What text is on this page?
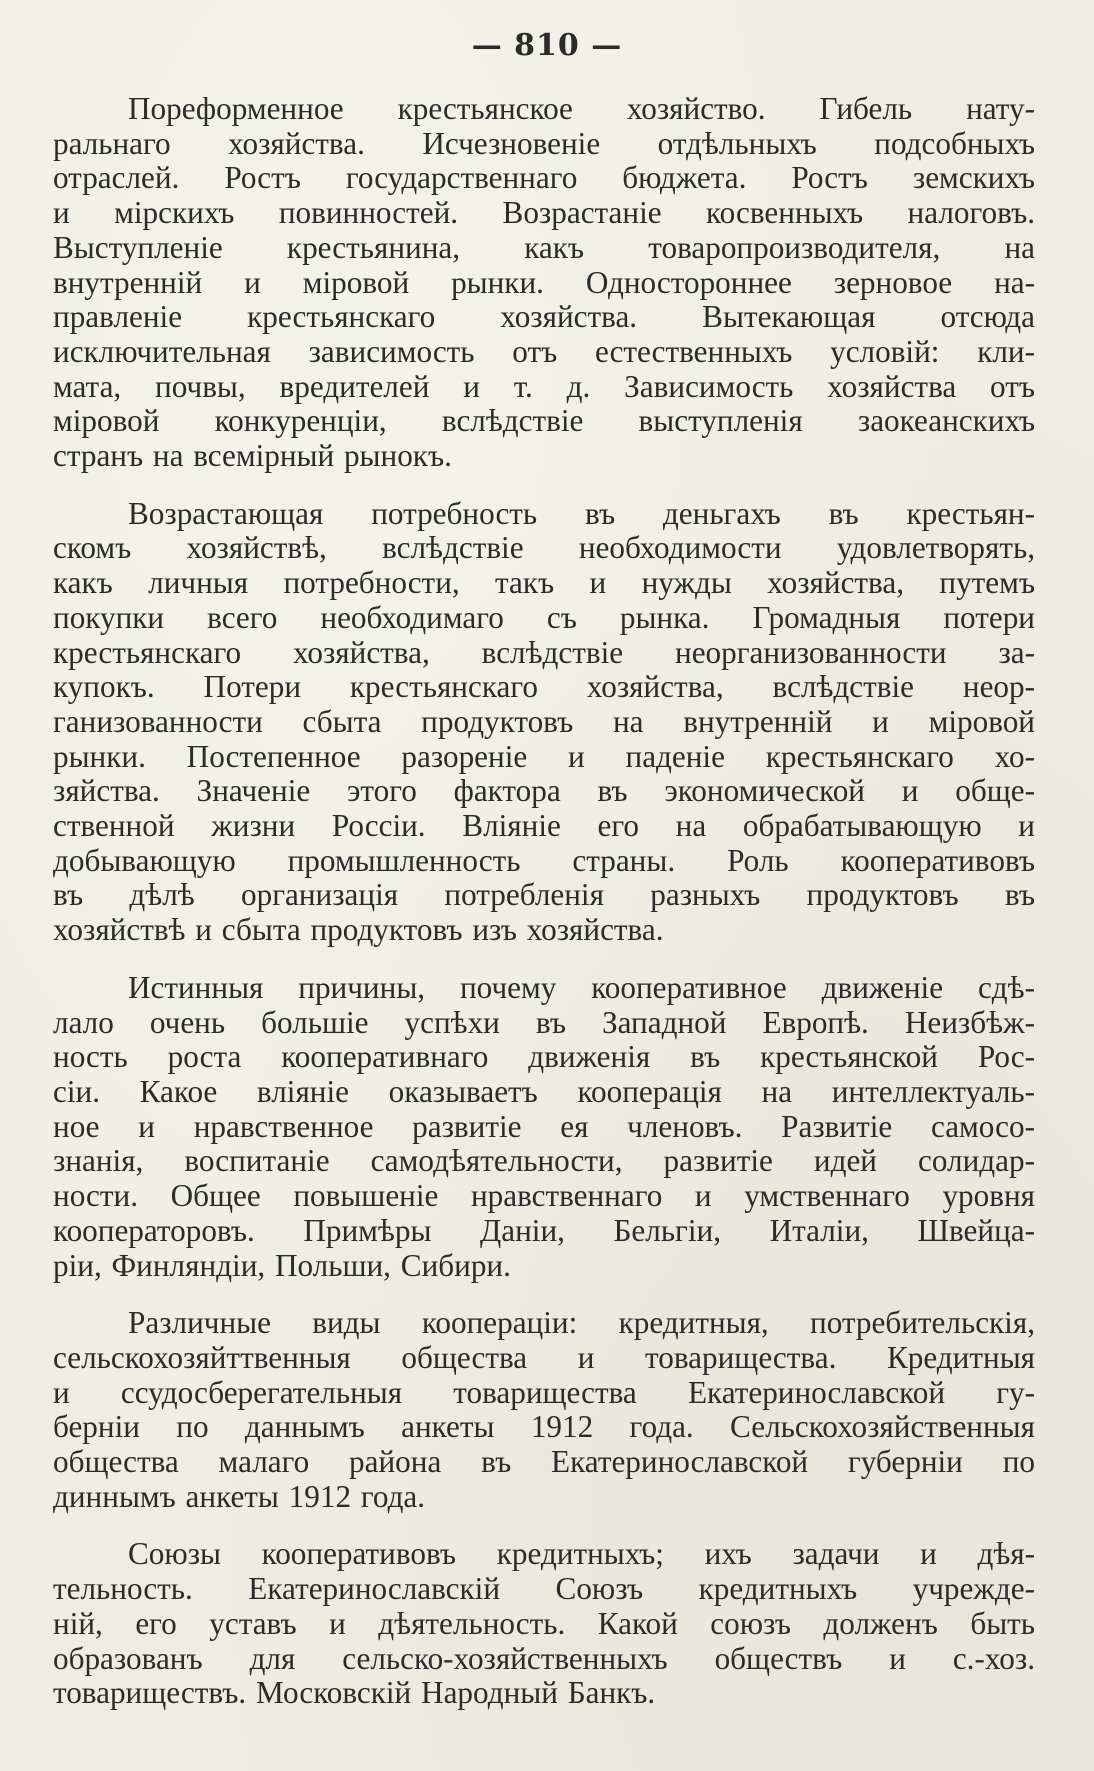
— 810 —

Пореформенное крестьянское хозяйство. Гибель нату-
ральнаго хозяйства. Исчезновеніе отдѣльныхъ подсобныхъ
отраслей. Ростъ государственнаго бюджета. Ростъ земскихъ
и мірскихъ повинностей. Возрастаніе косвенныхъ налоговъ.
Выступленіе крестьянина, какъ товаропроизводителя, на
внутренній и міровой рынки. Одностороннее зерновое на-
правленіе крестьянскаго хозяйства. Вытекающая отсюда
исключительная зависимость отъ естественныхъ условій: кли-
мата, почвы, вредителей и т. д. Зависимость хозяйства отъ
міровой конкуренціи, вслѣдствіе выступленія заокеанскихъ
странъ на всемірный рынокъ.

Возрастающая потребность въ деньгахъ въ крестьян-
скомъ хозяйствѣ, вслѣдствіе необходимости удовлетворять,
какъ личныя потребности, такъ и нужды хозяйства, путемъ
покупки всего необходимаго съ рынка. Громадныя потери
крестьянскаго хозяйства, вслѣдствіе неорганизованности за-
купокъ. Потери крестьянскаго хозяйства, вслѣдствіе неор-
ганизованности сбыта продуктовъ на внутренній и міровой
рынки. Постепенное разореніе и паденіе крестьянскаго хо-
зяйства. Значеніе этого фактора въ экономической и обще-
ственной жизни Россіи. Вліяніе его на обрабатывающую и
добывающую промышленность страны. Роль кооперативовъ
въ дѣлѣ организація потребленія разныхъ продуктовъ въ
хозяйствѣ и сбыта продуктовъ изъ хозяйства.

Истинныя причины, почему кооперативное движеніе сдѣ-
лало очень большіе успѣхи въ Западной Европѣ. Неизбѣж-
ность роста кооперативнаго движенія въ крестьянской Рос-
сіи. Какое вліяніе оказываетъ кооперація на интеллектуаль-
ное и нравственное развитіе ея членовъ. Развитіе самосо-
знанія, воспитаніе самодѣятельности, развитіе идей солидар-
ности. Общее повышеніе нравственнаго и умственнаго уровня
кооператоровъ. Примѣры Даніи, Бельгіи, Италіи, Швейца-
ріи, Финляндіи, Польши, Сибири.

Различные виды коопераціи: кредитныя, потребительскія,
сельскохозяйттвенныя общества и товарищества. Кредитныя
и ссудосберегательныя товарищества Екатеринославской гу-
берніи по даннымъ анкеты 1912 года. Сельскохозяйственныя
общества малаго района въ Екатеринославской губерніи по
диннымъ анкеты 1912 года.

Союзы кооперативовъ кредитныхъ; ихъ задачи и дѣя-
тельность. Екатеринославскій Союзъ кредитныхъ учрежде-
ній, его уставъ и дѣятельность. Какой союзъ долженъ быть
образованъ для сельско-хозяйственныхъ обществъ и с.-хоз.
товариществъ. Московскій Народный Банкъ.
